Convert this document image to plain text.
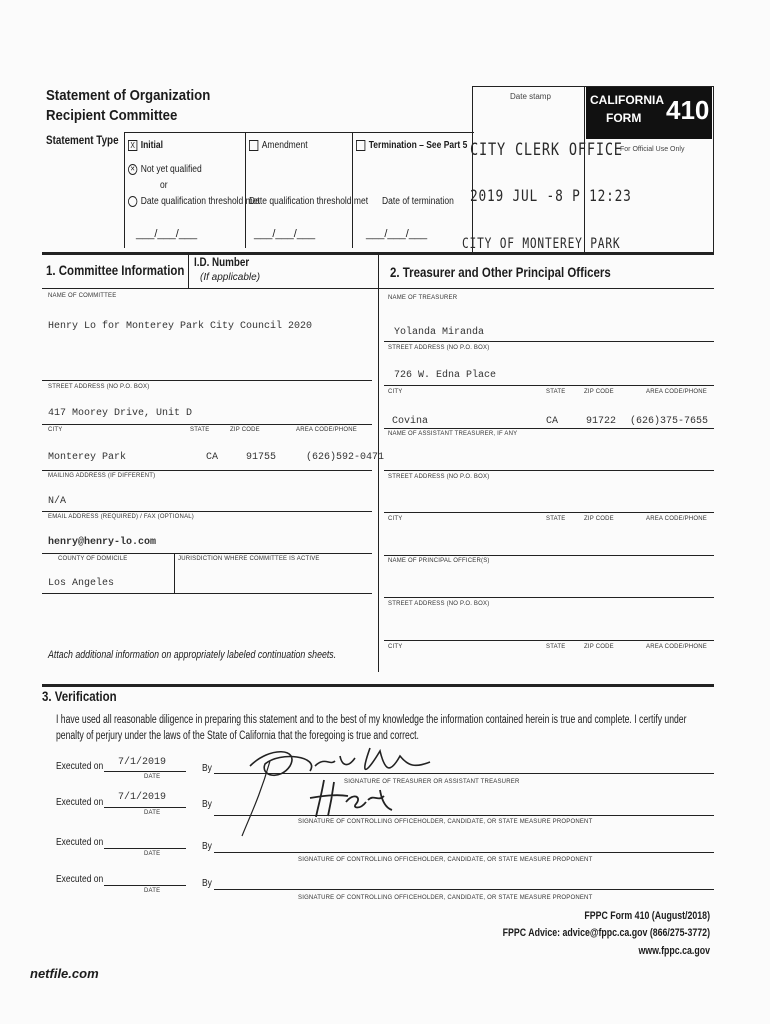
Statement of Organization
Recipient Committee
Statement Type	X Initial	Amendment	Termination – See Part 5
✕ Not yet qualified
or
Date qualification threshold met
Date qualification threshold met Date of termination
___/___/___	___/___/___	___/___/___
Date stamp
CITY CLERK OFFICE
2019 JUL -8 P 12:23
CITY OF MONTEREY PARK
CALIFORNIA
FORM 410
For Official Use Only
1. Committee Information I.D. Number
(If applicable)	2. Treasurer and Other Principal Officers
NAME OF COMMITTEE
Henry Lo for Monterey Park City Council 2020
STREET ADDRESS (NO P.O. BOX)
417 Moorey Drive, Unit D
CITY	STATE	ZIP CODE	AREA CODE/PHONE
Monterey Park	CA	91755	(626)592-0471
MAILING ADDRESS (IF DIFFERENT)
N/A
EMAIL ADDRESS (REQUIRED) / FAX (OPTIONAL)
henry@henry-lo.com
COUNTY OF DOMICILE	JURISDICTION WHERE COMMITTEE IS ACTIVE
Los Angeles
Attach additional information on appropriately labeled continuation sheets.
NAME OF TREASURER
Yolanda Miranda
STREET ADDRESS (NO P.O. BOX)
726 W. Edna Place
CITY	STATE	ZIP CODE	AREA CODE/PHONE
Covina	CA	91722 (626)375-7655
NAME OF ASSISTANT TREASURER, IF ANY
STREET ADDRESS (NO P.O. BOX)
CITY	STATE	ZIP CODE	AREA CODE/PHONE
NAME OF PRINCIPAL OFFICER(S)
STREET ADDRESS (NO P.O. BOX)
CITY	STATE	ZIP CODE	AREA CODE/PHONE
3. Verification
I have used all reasonable diligence in preparing this statement and to the best of my knowledge the information contained herein is true and complete. I certify under
penalty of perjury under the laws of the State of California that the foregoing is true and correct.
Executed on 7/1/2019
DATE
By
SIGNATURE OF TREASURER OR ASSISTANT TREASURER
Executed on 7/1/2019
DATE
By
SIGNATURE OF CONTROLLING OFFICEHOLDER, CANDIDATE, OR STATE MEASURE PROPONENT
Executed on
DATE
By
SIGNATURE OF CONTROLLING OFFICEHOLDER, CANDIDATE, OR STATE MEASURE PROPONENT
Executed on
DATE
By
SIGNATURE OF CONTROLLING OFFICEHOLDER, CANDIDATE, OR STATE MEASURE PROPONENT
FPPC Form 410 (August/2018)
FPPC Advice: advice@fppc.ca.gov (866/275-3772)
www.fppc.ca.gov
netfile.com
